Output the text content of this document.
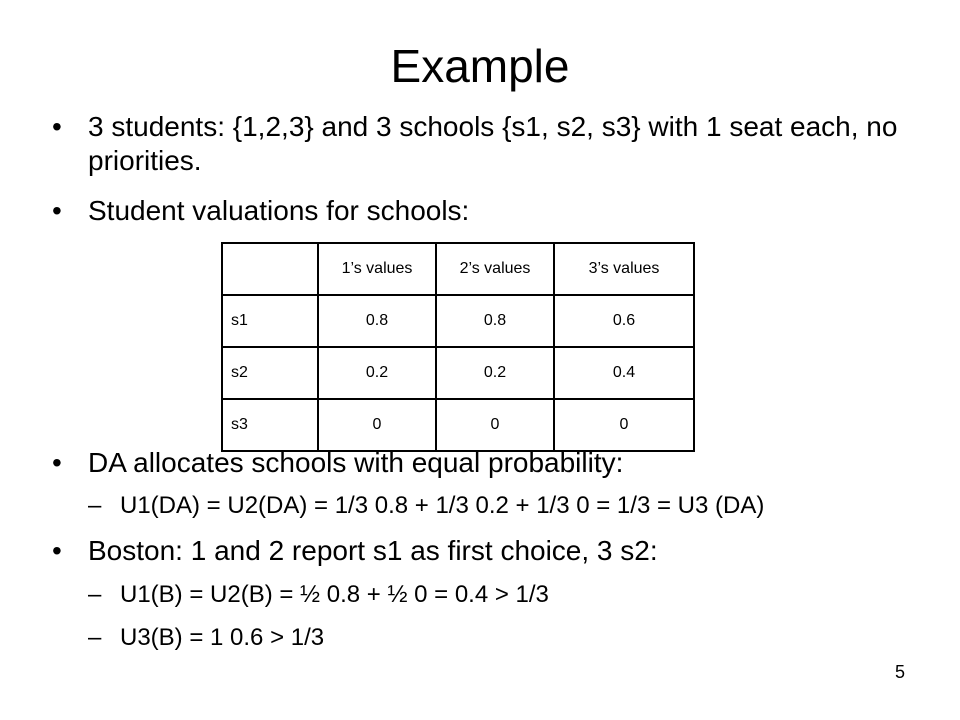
Example
• 3 students: {1,2,3} and 3 schools {s1, s2, s3} with 1 seat each, no priorities.
• Student valuations for schools:
	1’s values	2’s values	3’s values
s1	0.8	0.8	0.6
s2	0.2	0.2	0.4
s3	0	0	0
• DA allocates schools with equal probability:
– U1(DA) = U2(DA) = 1/3 0.8 + 1/3 0.2 + 1/3 0 = 1/3 = U3 (DA)
• Boston: 1 and 2 report s1 as first choice, 3 s2:
– U1(B) = U2(B) = ½ 0.8 + ½ 0 = 0.4 > 1/3
– U3(B) = 1 0.6 > 1/3
5
